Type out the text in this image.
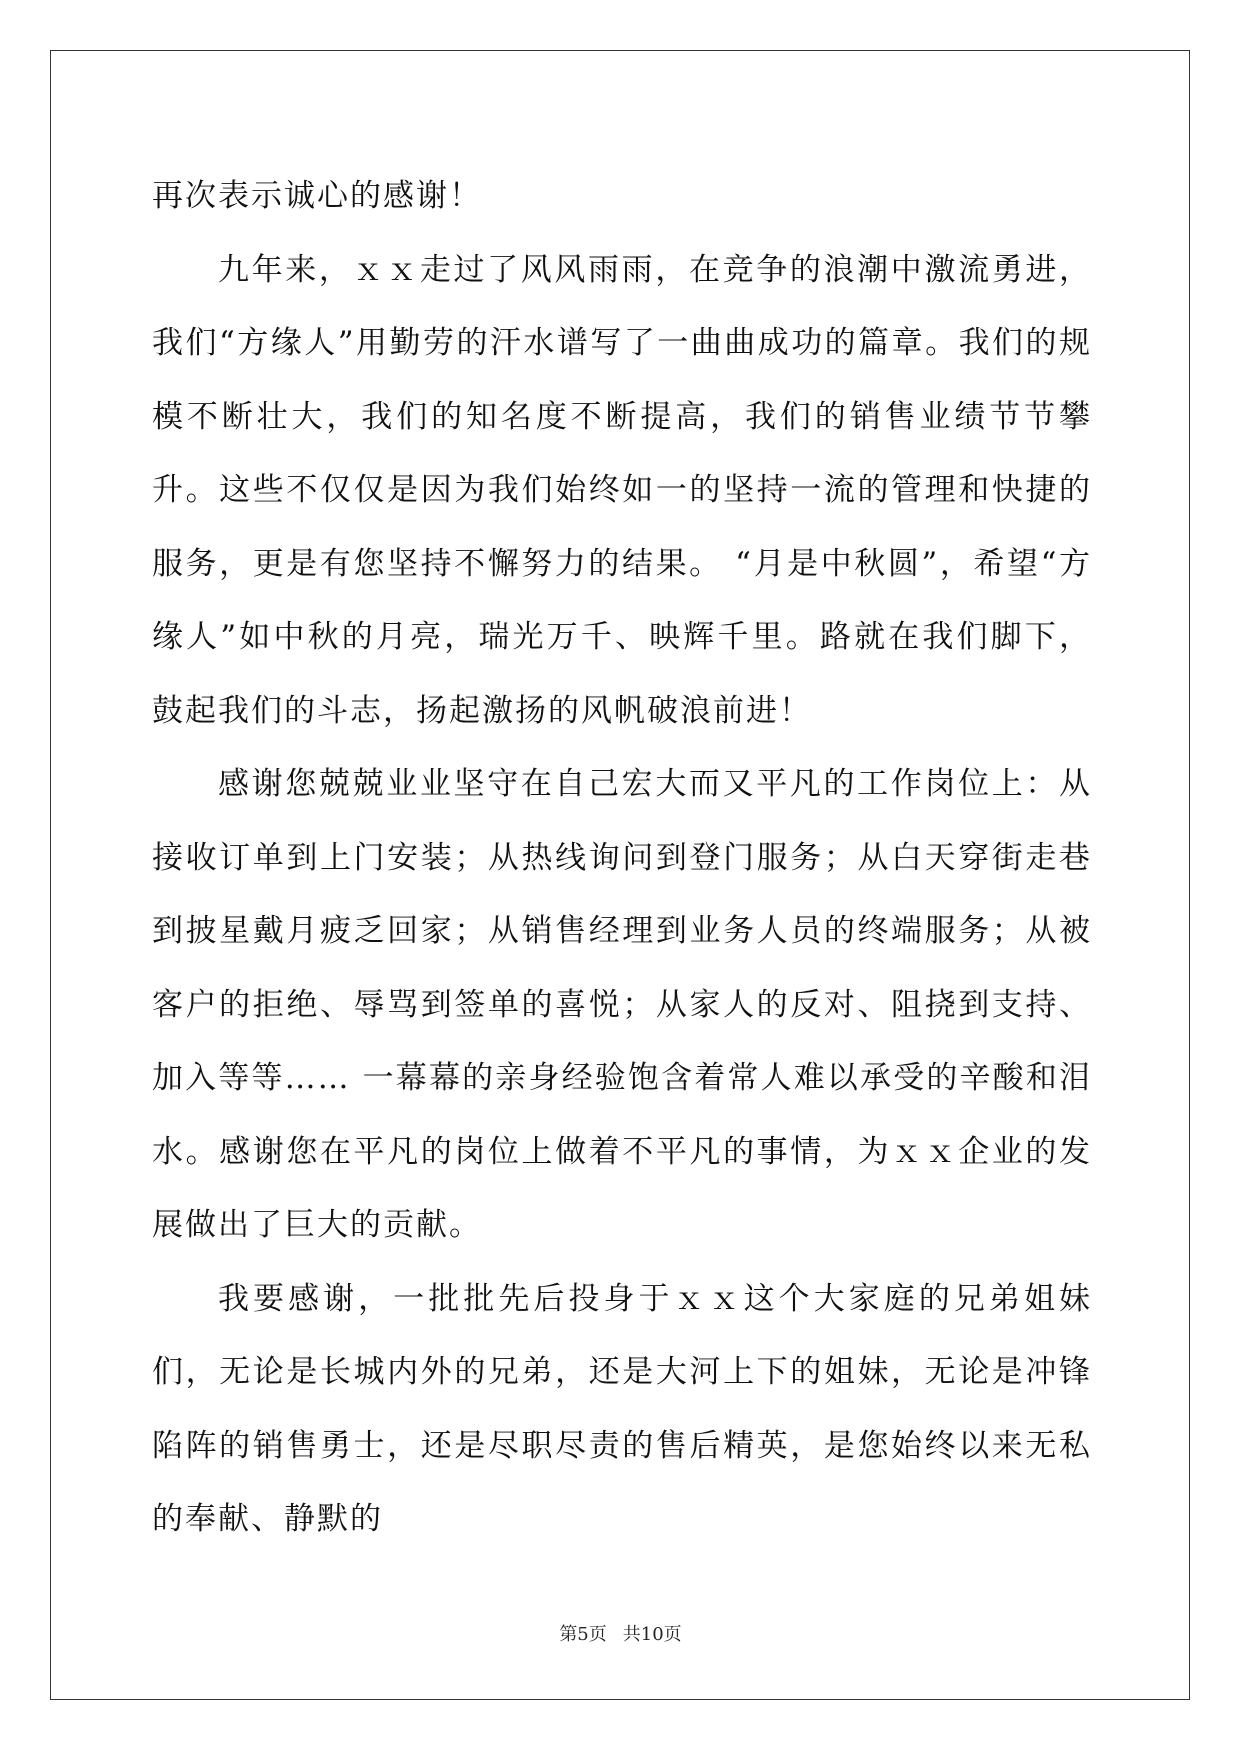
再次表示诚心的感谢！

九年来，ｘｘ走过了风风雨雨，在竞争的浪潮中激流勇进，我们“方缘人”用勤劳的汗水谱写了一曲曲成功的篇章。我们的规模不断壮大，我们的知名度不断提高，我们的销售业绩节节攀升。这些不仅仅是因为我们始终如一的坚持一流的管理和快捷的服务，更是有您坚持不懈努力的结果。 “月是中秋圆”，希望“方缘人”如中秋的月亮，瑞光万千、映辉千里。路就在我们脚下，鼓起我们的斗志，扬起激扬的风帆破浪前进！

感谢您兢兢业业坚守在自己宏大而又平凡的工作岗位上：从接收订单到上门安装；从热线询问到登门服务；从白天穿街走巷到披星戴月疲乏回家；从销售经理到业务人员的终端服务；从被客户的拒绝、辱骂到签单的喜悦；从家人的反对、阻挠到支持、加入等等…… 一幕幕的亲身经验饱含着常人难以承受的辛酸和泪水。感谢您在平凡的岗位上做着不平凡的事情，为ｘｘ企业的发展做出了巨大的贡献。

我要感谢，一批批先后投身于ｘｘ这个大家庭的兄弟姐妹们，无论是长城内外的兄弟，还是大河上下的姐妹，无论是冲锋陷阵的销售勇士，还是尽职尽责的售后精英，是您始终以来无私的奉献、静默的

第5页 共10页
